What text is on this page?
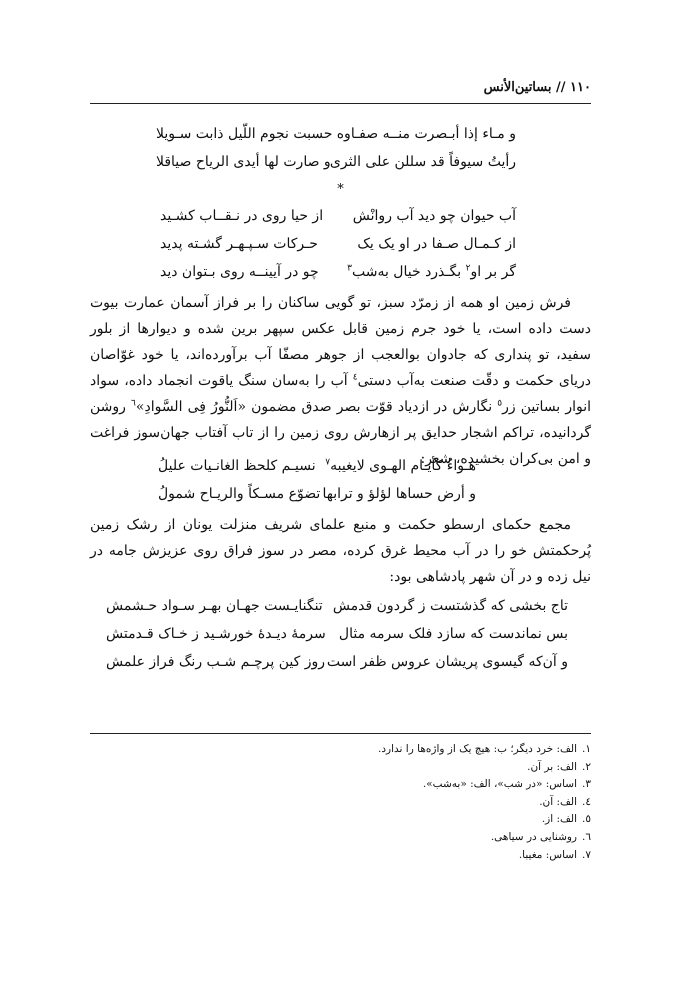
١١٠ // بساتين‌الأنس
و مـاء إذا أبـصرت منــه صفـاوه
حسبت نجوم اللّيل ذابت سـويلا
رأيتُ سيوفاً قد سللن على الثرى
و صارت لها أيدى الرياح صياقلا
*
آب حیوان چو دید آب روانْش
از حیا روی در نـقــاب کشـید
از کـمـال صـفا در او یک یک
حـرکات سـپـهـر گشـته پدید
گر بر او$^٢$ بگـذرد خیال به‌شب$^٣$
چو در آیینــه روی بـتوان دید

فرش زمین او همه از زمرّد سبز، تو گویی ساکنان را بر فراز آسمان عمارت بیوت دست داده است، یا خود جرم زمین قابل عکس سپهر برین شده و دیوارها از بلور سفید، تو پنداری که جادوان بوالعجب از جوهر مصفّا آب برآورده‌اند، یا خود غوّاصان دریای حکمت و دقّت صنعت به‌آب دستی$^٤$ آب را به‌سان سنگ یاقوت انجماد داده، سواد انوار بساتین زر$^٥$ نگارش در ازدیاد قوّت بصر صدق مضمون «اَلنُّورُ فِی السَّوادِ»$^٦$ روشن گردانیده، تراکم اشجار حدایق پر ازهارش روی زمین را از تاب آفتاب جهان‌سوز فراغت و امن بی‌کران بخشیده، شعر:

هـواءُ كأيـام الهـوى لايغيبه$^٧$
نسيـم كلحظ الغانـيات عليلُ
و أرض حساها لؤلؤ و ترابها
تضوّع مسـكاً والريـاح شمولُ

مجمع حکمای ارسطو حکمت و منبع علمای شریف منزلت یونان از رشک زمین پُرحکمتش خو را در آب محیط غرق کرده، مصر در سوز فراق روی عزیزش جامه در نیل زده و در آن شهر پادشاهی بود:

تاج بخشی که گذشتست ز گردون قدمش
تنگنایـست جهـان بهـر سـواد حـشمش
بس نماندست که سازد فلک سرمه مثال
سرمهٔ دیـدهٔ خورشـید ز خـاک قـدمتش
و آن‌که گیسوی پریشان عروس ظفر است
روز کین پرچـم شـب رنگ فراز علمش
١.الف: خرد دیگر؛ ب: هیچ یک از واژه‌ها را ندارد.
٢.الف: بر آن.
٣.اساس: «در شب»، الف: «به‌شب».
٤.الف: آن.
٥.الف: از.
٦.روشنایی در سیاهی.
٧.اساس: مغیبا.
